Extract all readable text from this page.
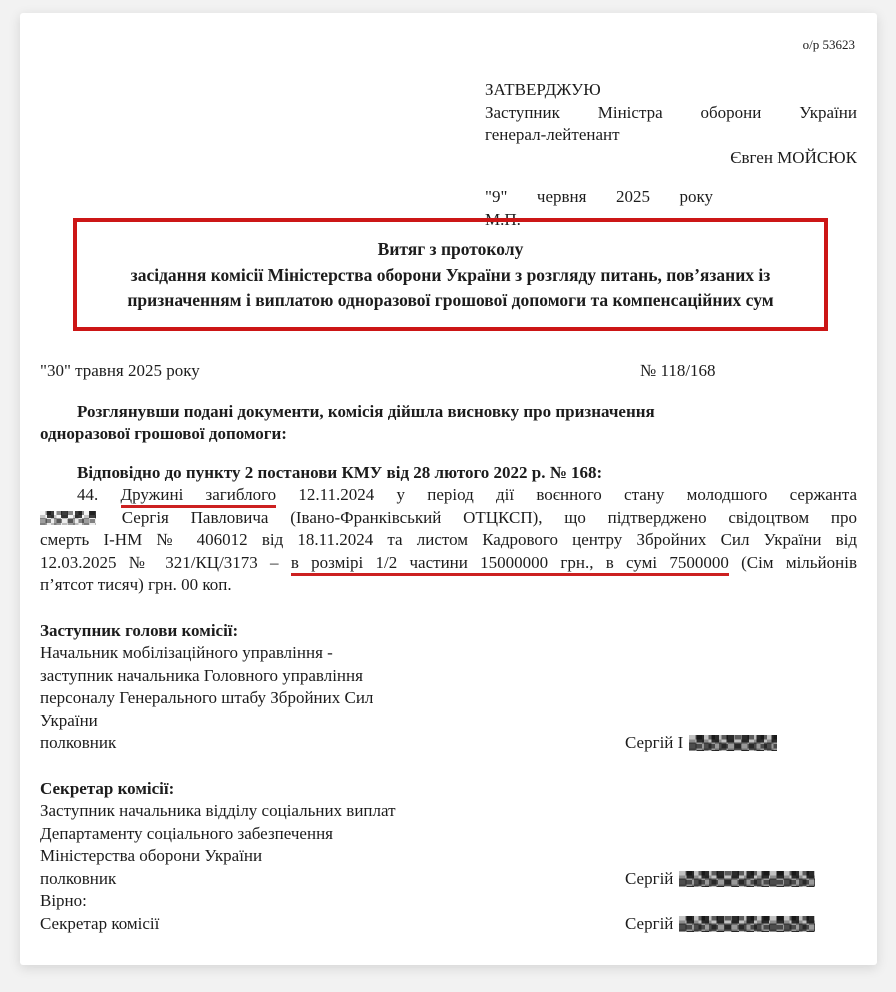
о/р 53623
ЗАТВЕРДЖУЮ
Заступник Міністра оборони України
генерал-лейтенант
Євген МОЙСЮК
"9" червня 2025 року
М.П.
Витяг з протоколу
засідання комісії Міністерства оборони України з розгляду питань, пов’язаних із
призначенням і виплатою одноразової грошової допомоги та компенсаційних сум
"30" травня 2025 року	№ 118/168
Розглянувши подані документи, комісія дійшла висновку про призначення
одноразової грошової допомоги:
Відповідно до пункту 2 постанови КМУ від 28 лютого 2022 р. № 168:
44. Дружині загиблого 12.11.2024 у період дії воєнного стану молодшого сержанта
Сергія Павловича (Івано-Франківський ОТЦКСП), що підтверджено свідоцтвом про
смерть І-НМ № 406012 від 18.11.2024 та листом Кадрового центру Збройних Сил України від
12.03.2025 № 321/КЦ/3173 – в розмірі 1/2 частини 15000000 грн., в сумі 7500000 (Сім мільйонів
п’ятсот тисяч) грн. 00 коп.
Заступник голови комісії:
Начальник мобілізаційного управління -
заступник начальника Головного управління
персоналу Генерального штабу Збройних Сил
України
полковник	Сергій І
Секретар комісії:
Заступник начальника відділу соціальних виплат
Департаменту соціального забезпечення
Міністерства оборони України
полковник	Сергій
Вірно:
Секретар комісії	Сергій
